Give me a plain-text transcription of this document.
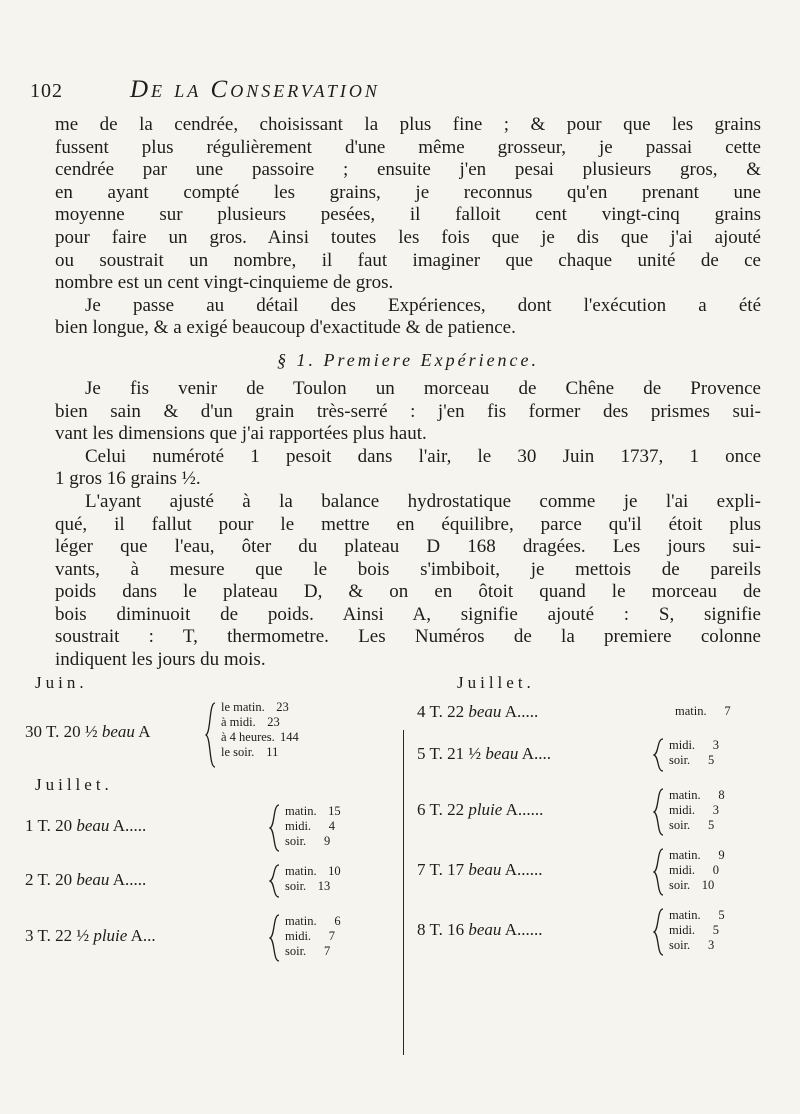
102	De la Conservation
me de la cendrée, choisissant la plus fine ; & pour que les grains
fussent plus régulièrement d'une même grosseur, je passai cette
cendrée par une passoire ; ensuite j'en pesai plusieurs gros, &
en ayant compté les grains, je reconnus qu'en prenant une
moyenne sur plusieurs pesées, il falloit cent vingt-cinq grains
pour faire un gros. Ainsi toutes les fois que je dis que j'ai ajouté
ou soustrait un nombre, il faut imaginer que chaque unité de ce
nombre est un cent vingt-cinquieme de gros.
Je passe au détail des Expériences, dont l'exécution a été
bien longue, & a exigé beaucoup d'exactitude & de patience.
§ 1. Premiere Expérience.
Je fis venir de Toulon un morceau de Chêne de Provence
bien sain & d'un grain très-serré : j'en fis former des prismes sui-
vant les dimensions que j'ai rapportées plus haut.
Celui numéroté 1 pesoit dans l'air, le 30 Juin 1737, 1 once
1 gros 16 grains ½.
L'ayant ajusté à la balance hydrostatique comme je l'ai expli-
qué, il fallut pour le mettre en équilibre, parce qu'il étoit plus
léger que l'eau, ôter du plateau D 168 dragées. Les jours sui-
vants, à mesure que le bois s'imbiboit, je mettois de pareils
poids dans le plateau D, & on en ôtoit quand le morceau de
bois diminuoit de poids. Ainsi A, signifie ajouté : S, signifie
soustrait : T, thermometre. Les Numéros de la premiere colonne
indiquent les jours du mois.
Juin.
30 T. 20 ½ beau A
le matin. 23
à midi. 23
à 4 heures. 144
le soir. 11
Juillet.
1 T. 20 beau A.....
matin. 15
midi. 4
soir. 9
2 T. 20 beau A.....	matin. 10
soir. 13
3 T. 22 ½ pluie A...
matin. 6
midi. 7
soir. 7
Juillet.
4 T. 22 beau A.....	matin. 7
5 T. 21 ½ beau A....	midi. 3
soir. 5
6 T. 22 pluie A......
matin. 8
midi. 3
soir. 5
7 T. 17 beau A......
matin. 9
midi. 0
soir. 10
8 T. 16 beau A......
matin. 5
midi. 5
soir. 3
